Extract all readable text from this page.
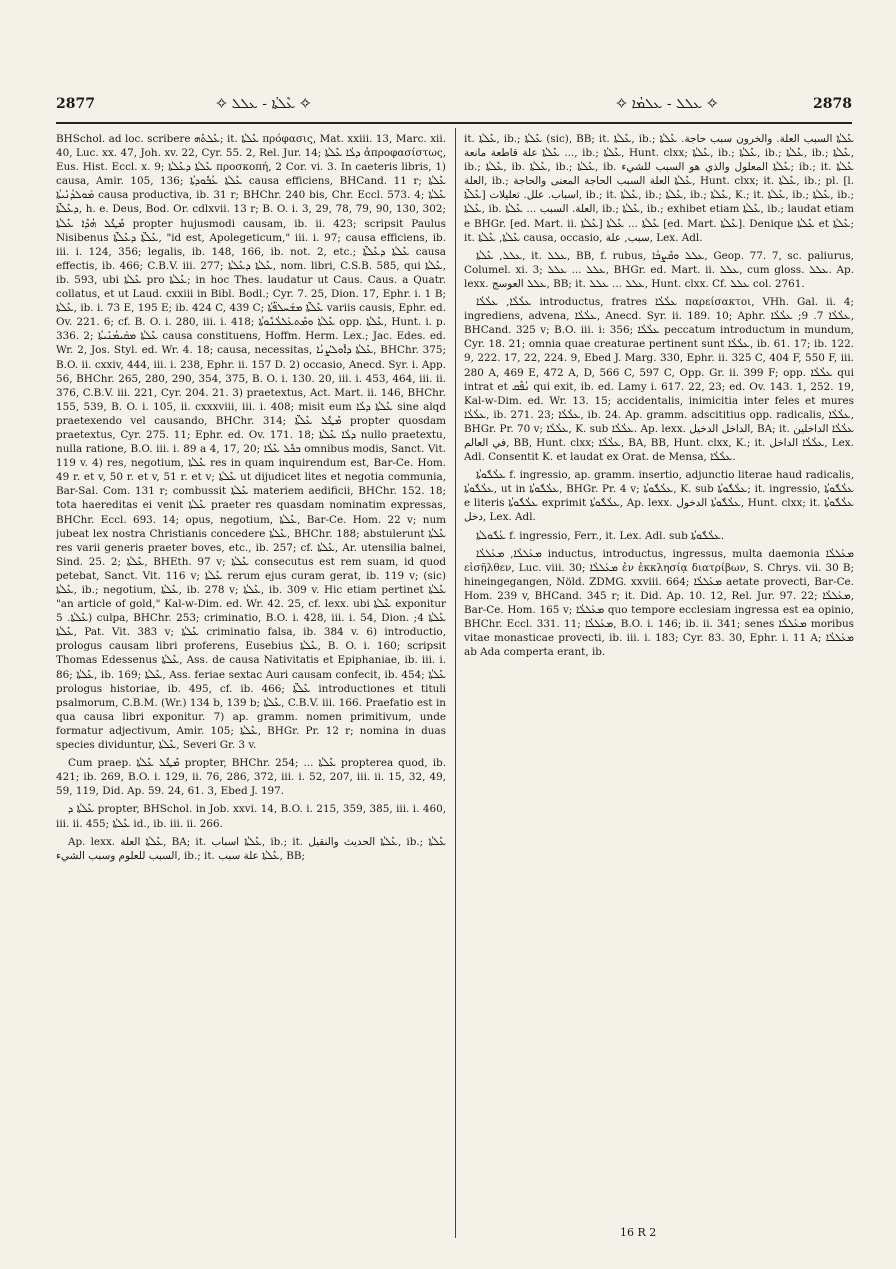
2877	✧ ܥܶܠܬܳܐ - ܥܠܠ ✧	✧ ܥܠܠ - ܥܠܡܳܐ ✧	2878

BHSchol. ad loc. scribere ܥܶܠܬܶܗ; it. ܥܶܠܬܳܐ πρόφασις, Mat. xxiii. 13, Marc. xii. 40, Luc. xx. 47, Joh. xv. 22, Cyr. 55. 2, Rel. Jur. 14; ܕܠܳܐ ܥܶܠܬܳܐ ἀπροφασίστως, Eus. Hist. Eccl. x. 9; ܥܶܠܬܳܐ ܕܥܶܠܬܳܐ προσκοπή, 2 Cor. vi. 3. In caeteris libris, 1) causa, Amir. 105, 136; ܥܶܠܬܳܐ ܥܳܒܽܘܕܬܳܐ causa efficiens, BHCand. 11 r; ܥܶܠܬܳܐ ܡܰܘܠܕܳܢܺܝܬܳܐ causa productiva, ib. 31 r; BHChr. 240 bis, Chr. Eccl. 573. 4; ܥܶܠܬܳܐ ܕܥܶܠܬ̈ܳܐ, h. e. Deus, Bod. Or. cdlxvii. 13 r; B. O. i. 3, 29, 78, 79, 90, 130, 302; ܡܶܛܽܠ ܗܳܕܶܐ ܥܶܠܬܳܐ propter hujusmodi causam, ib. ii. 423; scripsit Paulus Nisibenus ܥܶܠܬ̈ܳܐ ܕܥܶܠܬ̈ܳܐ, "id est, Apolegeticum," iii. i. 97; causa efficiens, ib. iii. i. 124, 356; legalis, ib. 148, 166, ib. not. 2, etc.; ܥܶܠܬܳܐ ܕܥܶܠܬ̈ܳܐ causa effectis, ib. 466; C.B.V. iii. 277; ܥܶܠܬܳܐ ܕܥܶܠܬܳܐ, nom. libri, C.S.B. 585, qui ܥܶܠܬܳܐ, ib. 593, ubi ܥܶܠܬܳܐ pro ܥܶܠܬܳܐ; in hoc Thes. laudatur ut Caus. Caus. a Quatr. collatus, et ut Laud. cxxiii in Bibl. Bodl.; Cyr. 7. 25, Dion. 17, Ephr. i. 1 B; ܥܶܠܬܳܐ, ib. i. 73 E, 195 E; ib. 424 C, 439 C; ܥܶܠܬ̈ܳܐ ܡܫܰܚܠܦ̈ܳܬܳܐ variis causis, Ephr. ed. Ov. 221. 6; cf. B. O. i. 280, iii. i. 418; ܥܶܠܬܳܐ ܘܡܶܬܥܰܠܠܳܢܽܘܬܳܐ opp. ܥܶܠܬܳܐ, Hunt. i. p. 336. 2; ܥܶܠܬܳܐ ܡܩܰܝܡܳܢܺܝܬܳܐ causa constituens, Hoffm. Herm. Lex.; Jac. Edes. ed. Wr. 2, Jos. Styl. ed. Wr. 4. 18; causa, necessitas, ܥܶܠܬܳܐ ܕܐܽܘܠܨܳܢܳܐ, BHChr. 375; B.O. ii. cxxiv, 444, iii. i. 238, Ephr. ii. 157 D. 2) occasio, Anecd. Syr. i. App. 56, BHChr. 265, 280, 290, 354, 375, B. O. i. 130. 20, iii. i. 453, 464, iii. ii. 376, C.B.V. iii. 221, Cyr. 204. 21. 3) praetextus, Act. Mart. ii. 146, BHChr. 155, 539, B. O. i. 105, ii. cxxxviii, iii. i. 408; misit eum ܥܶܠܬܳܐ ܕܠܳܐ sine alqd praetexendo vel causando, BHChr. 314; ܡܶܛܽܠ ܥܶܠܬ̈ܳܐ propter quosdam praetextus, Cyr. 275. 11; Ephr. ed. Ov. 171. 18; ܕܠܳܐ ܥܶܠܬܳܐ nullo praetextu, nulla ratione, B.O. iii. i. 89 a 4, 17, 20; ܒܟܽܠ ܥܶܠܳܐ omnibus modis, Sanct. Vit. 119 v. 4) res, negotium, ܥܶܠܬܳܐ res in quam inquirendum est, Bar-Ce. Hom. 49 r. et v, 50 r. et v, 51 r. et v; ܥܶܠܬܳܐ ut dijudicet lites et negotia communia, Bar-Sal. Com. 131 r; combussit ܥܶܠܬܳܐ materiem aedificii, BHChr. 152. 18; tota haereditas ei venit ܥܶܠܬܳܐ praeter res quasdam nominatim expressas, BHChr. Eccl. 693. 14; opus, negotium, ܥܶܠܬܳܐ, Bar-Ce. Hom. 22 v; num jubeat lex nostra Christianis concedere ܥܶܠܬܳܐ, BHChr. 188; abstulerunt ܥܶܠܬܳܐ res varii generis praeter boves, etc., ib. 257; cf. ܥܶܠܬܳܐ, Ar. utensilia balnei, Sind. 25. 2; ܥܶܠܬܳܐ, BHEth. 97 v; ܥܶܠܬܳܐ consecutus est rem suam, id quod petebat, Sanct. Vit. 116 v; ܥܶܠܬܳܐ rerum ejus curam gerat, ib. 119 v; (sic) ܥܶܠܬܳܐ, ib.; negotium, ܥܶܠܬܳܐ, ib. 278 v; ܥܶܠܬܳܐ, ib. 309 v. Hic etiam pertinet ܥܶܠܬܳܐ "an article of gold," Kal-w-Dim. ed. Wr. 42. 25, cf. lexx. ubi ܥܶܠܬܳܐ exponitur ܥܶܠܬܳܐ. 5) culpa, BHChr. 253; criminatio, B.O. i. 428, iii. i. 54, Dion. ܥܶܠܬܳܐ 4; ܥܶܠܬܳܐ, Pat. Vit. 383 v; ܥܶܠܬܳܐ criminatio falsa, ib. 384 v. 6) introductio, prologus causam libri proferens, Eusebius ܥܶܠܬܳܐ, B. O. i. 160; scripsit Thomas Edessenus ܥܶܠܬܳܐ, Ass. de causa Nativitatis et Epiphaniae, ib. iii. i. 86; ܥܶܠܬܳܐ, ib. 169; ܥܶܠܬܳܐ, Ass. feriae sextac Auri causam confecit, ib. 454; ܥܶܠܬܳܐ prologus historiae, ib. 495, cf. ib. 466; ܥܶܠܬ̈ܳܐ introductiones et tituli psalmorum, C.B.M. (Wr.) 134 b, 139 b; ܥܶܠܬܳܐ, C.B.V. iii. 166. Praefatio est in qua causa libri exponitur. 7) ap. gramm. nomen primitivum, unde formatur adjectivum, Amir. 105; ܥܶܠܬܳܐ, BHGr. Pr. 12 r; nomina in duas species dividuntur, ܥܶܠܬܳܐ, Severi Gr. 3 v.

Cum praep. ܡܶܛܽܠ ܥܶܠܬܳܐ propter, BHChr. 254; ... ܥܶܠܬܳܐ propterea quod, ib. 421; ib. 269, B.O. i. 129, ii. 76, 286, 372, iii. i. 52, 207, iii. ii. 15, 32, 49, 59, 119, Did. Ap. 59. 24, 61. 3, Ebed J. 197.

ܥܶܠܬܳܐ ܕ propter, BHSchol. in Job. xxvi. 14, B.O. i. 215, 359, 385, iii. i. 460, iii. ii. 455; ܥܶܠܬܳܐ id., ib. iii. ii. 266.

Ap. lexx. ܥܶܠܬܳܐ العلة, BA; it. ܥܶܠܬܳܐ اسباب, ib.; it. ܥܶܠܬܳܐ الحديث والنقيل, ib.; ܥܶܠܬܳܐ السبب للعلوم وسبب الشيء, ib.; it. ܥܶܠܬܳܐ علة سبب, BB;

it. ܥܶܠܬܳܐ, ib.; ܥܶܠܬܳܐ (sic), BB; it. ܥܶܠܬܳܐ, ib.; ܥܶܠܬܳܐ السبب العلة. والخرون سبب حاجة. ܥܶܠܬܳܐ ... ܥܶܠܬܳܐ علة قاطعة مانعة, ib.; ܥܶܠܬܳܐ, Hunt. clxx; ܥܶܠܬܳܐ, ib.; ܥܶܠܬܳܐ, ib.; ܥܶܠܬܳܐ, ib.; ܥܶܠܬܳܐ, ib.; ܥܶܠܬܳܐ, ib. ܥܶܠܬܳܐ, ib.; ܥܶܠܬܳܐ, ib. ܥܶܠܬܳܐ المعلول والذي هو السبب للشيء; ib.; it. ܥܶܠܬܳܐ العلة, ib.; ܥܶܠܬܳܐ العلة السبب الحاجة المعنى والحاجة, Hunt. clxx; it. ܥܶܠܬܳܐ, ib.; pl. [l. ܥܶܠܬ̈ܳܐ] اسباب. علل. تعليلات, ib.; it. ܥܶܠܬܳܐ, ib.; ܥܶܠܬܳܐ, ib.; ܥܶܠܬܳܐ, K.; it. ܥܶܠܬܳܐ, ib.; ܥܶܠܬܳܐ, ib.; ܥܶܠܬܳܐ, ib. العلة. السبب ... ܥܶܠܬܳܐ, ib.; ܥܶܠܬܳܐ, ib.; exhibet etiam ܥܶܠܬܳܐ, ib.; laudat etiam e BHGr. [ed. Mart. ii. ܥܶܠܬܳܐ] ܥܶܠܬܳܐ ... ܥܶܠܬܳܐ [ed. Mart. ܥܶܠܬܳܐ]. Denique ܥܶܠܬܳܐ et ܥܶܠܬܳܐ; it. ܥܶܠܬܳܐ, ܥܶܠܬܳܐ causa, occasio, سبب, علة, Lex. Adl.

ܥܠܠ, ܥܶܠܬܳܐ, it. ܥܠܠ, BB, f. rubus, ܥܠܠ ܘܩܶܨܒܳܐ, Geop. 77. 7, sc. paliurus, Columel. xi. 3; ܥܠܠ ... ܥܠܠ, BHGr. ed. Mart. ii. ܥܠܠ, cum gloss. ܥܠܠ. Ap. lexx. ܥܠܠ العوسج, BB; it. ܥܠܠ ... ܥܠܠ, Hunt. clxx. Cf. ܥܠܠ col. 2761.

ܥܠܳܠܳܐ, ܥܠܳܠܳܐ introductus, fratres ܥܠܳܠܳܐ παρείσακτοι, VHh. Gal. ii. 4; ingrediens, advena, ܥܠܳܠܳܐ, Anecd. Syr. ii. 189. 10; Aphr. ܥܠܳܠܳܐ 7. 9; ܥܠܳܠܳܐ, BHCand. 325 v; B.O. iii. i: 356; ܥܠܳܠܳܐ peccatum introductum in mundum, Cyr. 18. 21; omnia quae creaturae pertinent sunt ܥܠܳܠܳܐ, ib. 61. 17; ib. 122. 9, 222. 17, 22, 224. 9, Ebed J. Marg. 330, Ephr. ii. 325 C, 404 F, 550 F, iii. 280 A, 469 E, 472 A, D, 566 C, 597 C, Opp. Gr. ii. 399 F; opp. ܥܠܳܠܳܐ qui intrat et ܢܳܦܶܩ qui exit, ib. ed. Lamy i. 617. 22, 23; ed. Ov. 143. 1, 252. 19, Kal-w-Dim. ed. Wr. 13. 15; accidentalis, inimicitia inter feles et mures ܥܠܳܠܳܐ, ib. 271. 23; ܥܠܳܠܳܐ, ib. 24. Ap. gramm. adscititius opp. radicalis, ܥܠܳܠܳܐ, BHGr. Pr. 70 v; ܥܠܳܠܳܐ, K. sub ܥܠܳܠܳܐ. Ap. lexx. الداخل الدخيل, BA; it. ܥܠܳܠܳܐ الداخلين في العالم, BB, Hunt. clxx; ܥܠܳܠܳܐ, BA, BB, Hunt. clxx, K.; it. ܥܠܳܠܳܐ الداخل, Lex. Adl. Consentit K. et laudat ex Orat. de Mensa, ܥܠܳܠܳܐ.

ܥܠܳܠܽܘܬܳܐ f. ingressio, ap. gramm. insertio, adjunctio literae haud radicalis, ܥܠܳܠܽܘܬܳܐ, ut in ܥܠܳܠܽܘܬܳܐ, BHGr. Pr. 4 v; ܥܠܳܠܽܘܬܳܐ, K. sub ܥܠܳܠܽܘܬܳܐ; it. ingressio, ܥܠܳܠܽܘܬܳܐ e literis ܥܠܳܠܽܘܬܳܐ exprimit ܥܠܳܠܽܘܬܳܐ, Ap. lexx. ܥܠܳܠܽܘܬܳܐ الدخول, Hunt. clxx; it. ܥܠܳܠܽܘܬܳܐ دخل, Lex. Adl.

ܥܳܠܽܘܠܬܳܐ f. ingressio, Ferr., it. Lex. Adl. sub ܥܠܳܠܽܘܬܳܐ.

ܡܥܰܠܠܳܐ, ܡܥܰܠܠܳܐ inductus, introductus, ingressus, multa daemonia ܡܥܰܠܠܳܐ εἰσῆλθεν, Luc. viii. 30; ܡܥܰܠܠܳܐ ἐν ἐκκλησίᾳ διατρίβων, S. Chrys. vii. 30 B; hineingegangen, Nöld. ZDMG. xxviii. 664; ܡܥܰܠܠܳܐ aetate provecti, Bar-Ce. Hom. 239 v, BHCand. 345 r; it. Did. Ap. 10. 12, Rel. Jur. 97. 22; ܡܥܰܠܠܳܐ, Bar-Ce. Hom. 165 v; ܡܥܰܠܠܳܐ quo tempore ecclesiam ingressa est ea opinio, BHChr. Eccl. 331. 11; ܡܥܰܠܠܳܐ, B.O. i. 146; ib. ii. 341; senes ܡܥܰܠܠܳܐ moribus vitae monasticae provecti, ib. iii. i. 183; Cyr. 83. 30, Ephr. i. 11 A; ܡܥܰܠܠܳܐ ab Ada comperta erant, ib.

16 R 2
